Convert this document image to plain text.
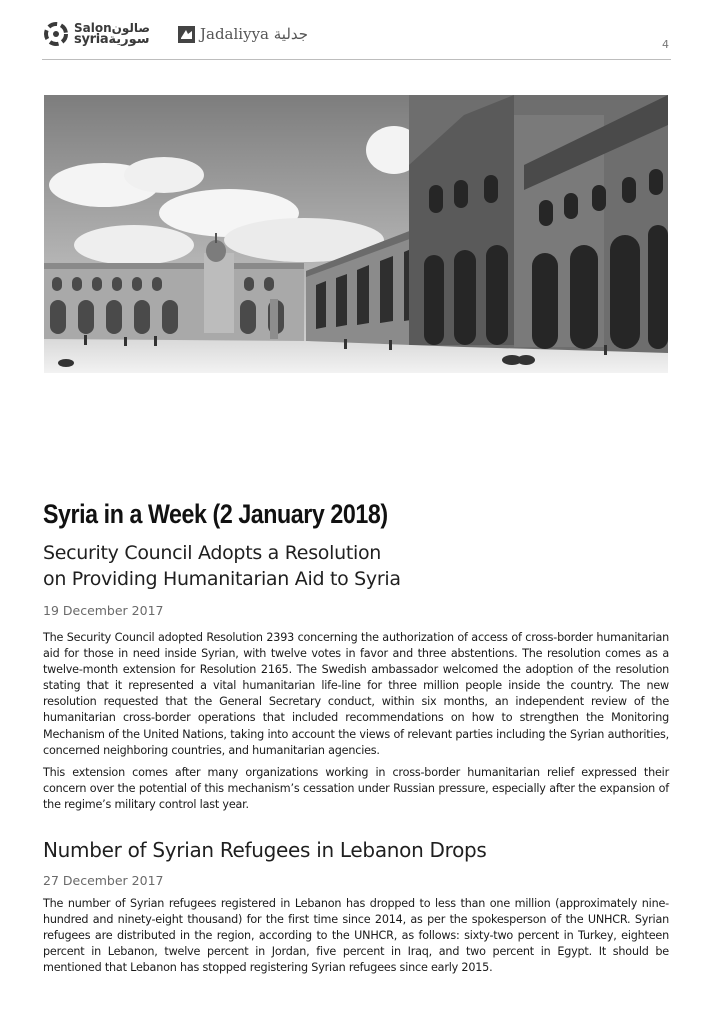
Salonصالون
syriaسورية	Jadaliyya جدلية
4
Syria in a Week (2 January 2018)
Security Council Adopts a Resolution
on Providing Humanitarian Aid to Syria

19 December 2017

The Security Council adopted Resolution 2393 concerning the authorization of access of cross-border humanitarian aid for those in need inside Syrian, with twelve votes in favor and three abstentions. The resolution comes as a twelve-month extension for Resolution 2165. The Swedish ambassador welcomed the adoption of the resolution stating that it represented a vital humanitarian life-line for three million people inside the country. The new resolution requested that the General Secretary conduct, within six months, an independent review of the humanitarian cross-border operations that included recommendations on how to strengthen the Monitoring Mechanism of the United Nations, taking into account the views of relevant parties including the Syrian authorities, concerned neighboring countries, and humanitarian agencies.

This extension comes after many organizations working in cross-border humanitarian relief expressed their concern over the potential of this mechanism’s cessation under Russian pressure, especially after the expansion of the regime’s military control last year.

Number of Syrian Refugees in Lebanon Drops

27 December 2017

The number of Syrian refugees registered in Lebanon has dropped to less than one million (approximately nine-hundred and ninety-eight thousand) for the first time since 2014, as per the spokesperson of the UNHCR. Syrian refugees are distributed in the region, according to the UNHCR, as follows: sixty-two percent in Turkey, eighteen percent in Lebanon, twelve percent in Jordan, five percent in Iraq, and two percent in Egypt. It should be mentioned that Lebanon has stopped registering Syrian refugees since early 2015.
